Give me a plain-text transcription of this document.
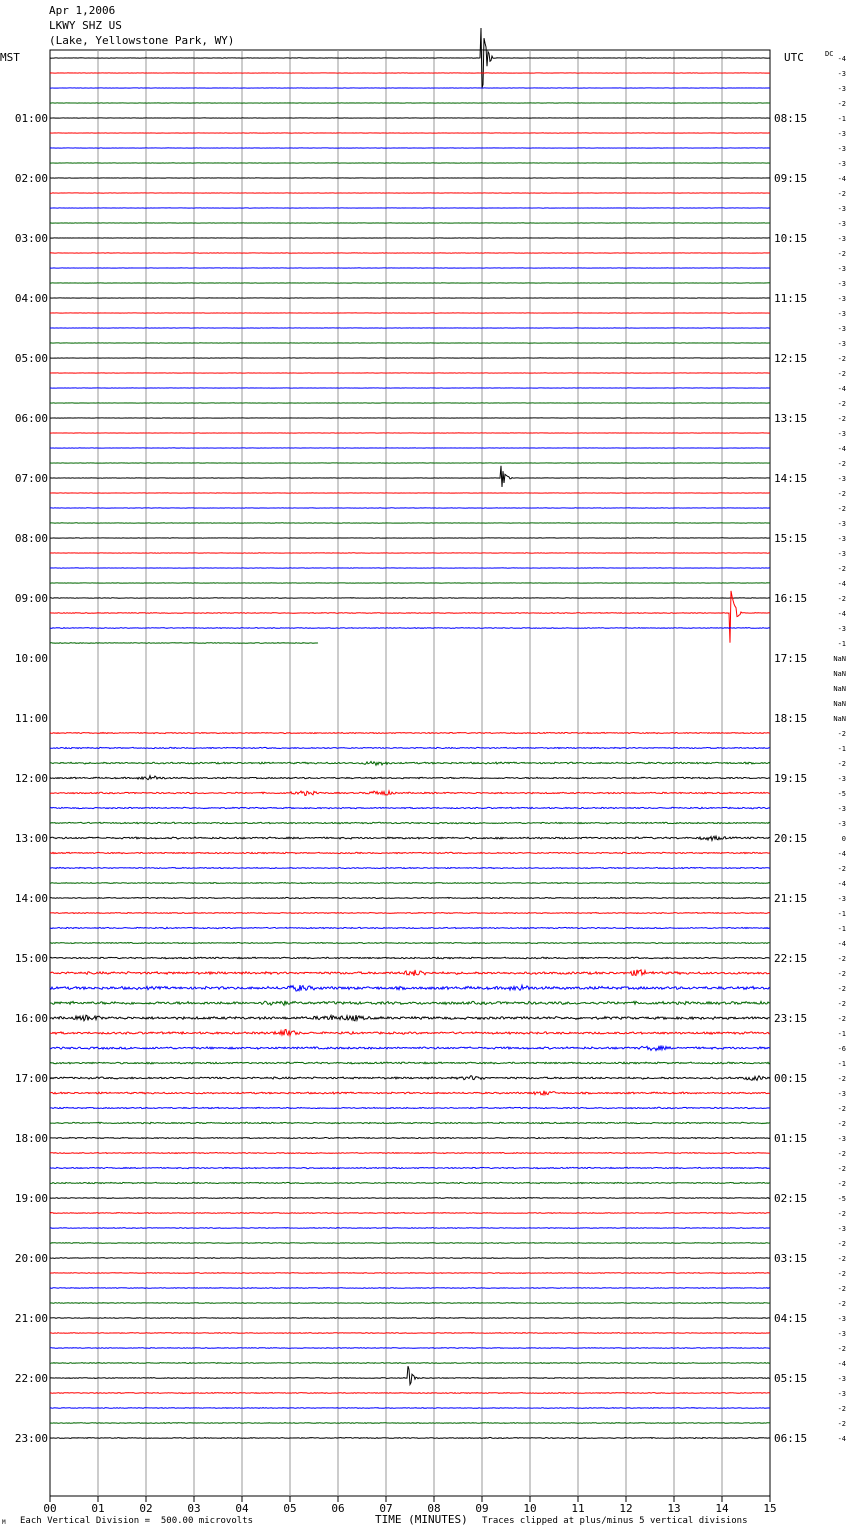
Apr 1,2006
LKWY SHZ US
(Lake, Yellowstone Park, WY)
MST	UTC	DC
00	01	02	03	04	05	06	07	08	09	10	11	12	13	14	15
01:00
02:00
03:00
04:00
05:00
06:00
07:00
08:00
09:00
10:00
11:00
12:00
13:00
14:00
15:00
16:00
17:00
18:00
19:00
20:00
21:00
22:00
23:00
08:15
09:15
10:15
11:15
12:15
13:15
14:15
15:15
16:15
17:15
18:15
19:15
20:15
21:15
22:15
23:15
00:15
01:15
02:15
03:15
04:15
05:15
06:15
-4
-3
-3
-2
-1
-3
-3
-3
-4
-2
-3
-3
-3
-2
-3
-3
-3
-3
-3
-3
-2
-2
-4
-2
-2
-3
-4
-2
-3
-2
-2
-3
-3
-3
-2
-4
-2
-4
-3
-1
NaN
NaN
NaN
NaN
NaN
-2
-1
-2
-3
-5
-3
-3
0
-4
-2
-4
-3
-1
-1
-4
-2
-2
-2
-2
-2
-1
-6
-1
-2
-3
-2
-2
-3
-2
-2
-2
-5
-2
-3
-2
-2
-2
-2
-2
-3
-3
-2
-4
-3
-3
-2
-2
-4
TIME (MINUTES)
Each Vertical Division =  500.00 microvolts	Traces clipped at plus/minus 5 vertical divisions
M
